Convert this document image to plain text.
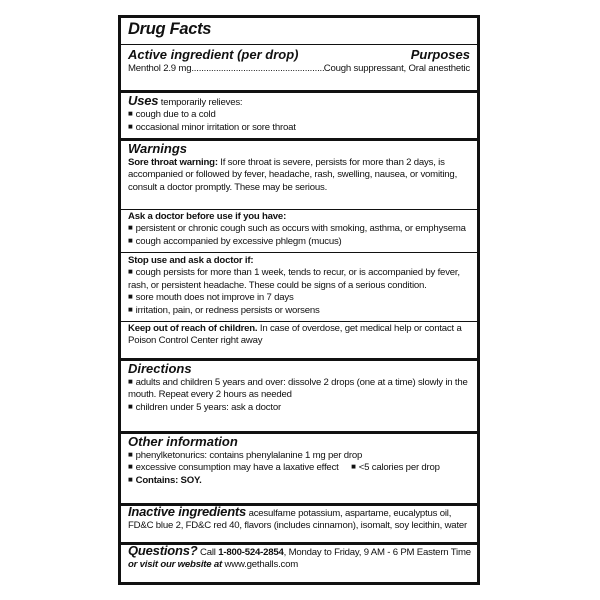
Drug Facts
Active ingredient (per drop)	Purposes
Menthol 2.9 mg .....	Cough suppressant, Oral anesthetic
Uses temporarily relieves:
■ cough due to a cold
■ occasional minor irritation or sore throat
Warnings
Sore throat warning: If sore throat is severe, persists for more than 2 days, is
accompanied or followed by fever, headache, rash, swelling, nausea, or vomiting,
consult a doctor promptly. These may be serious.
Ask a doctor before use if you have:
■ persistent or chronic cough such as occurs with smoking, asthma, or emphysema
■ cough accompanied by excessive phlegm (mucus)
Stop use and ask a doctor if:
■ cough persists for more than 1 week, tends to recur, or is accompanied by fever,
rash, or persistent headache. These could be signs of a serious condition.
■ sore mouth does not improve in 7 days
■ irritation, pain, or redness persists or worsens
Keep out of reach of children. In case of overdose, get medical help or contact a
Poison Control Center right away
Directions
■ adults and children 5 years and over: dissolve 2 drops (one at a time) slowly in the
mouth. Repeat every 2 hours as needed
■ children under 5 years: ask a doctor
Other information
■ phenylketonurics: contains phenylalanine 1 mg per drop
■ excessive consumption may have a laxative effect ■ <5 calories per drop
■ Contains: SOY.
Inactive ingredients acesulfame potassium, aspartame, eucalyptus oil,
FD&C blue 2, FD&C red 40, flavors (includes cinnamon), isomalt, soy lecithin, water
Questions? Call 1-800-524-2854, Monday to Friday, 9 AM - 6 PM Eastern Time
or visit our website at www.gethalls.com
